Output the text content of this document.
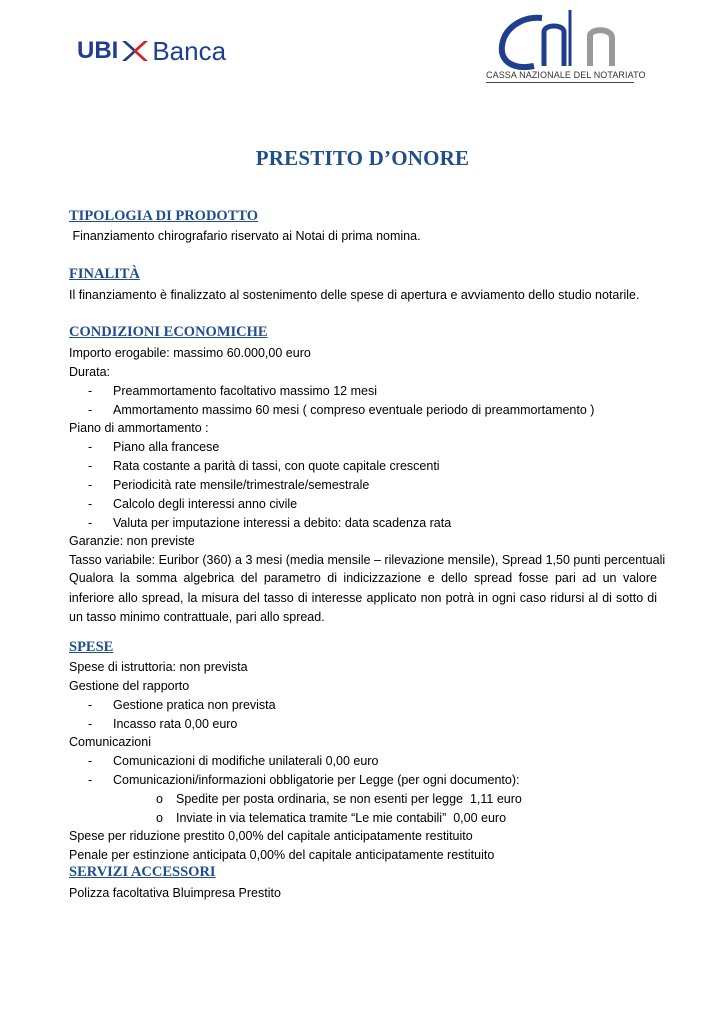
UBI Banca
CASSA NAZIONALE DEL NOTARIATO
PRESTITO D’ONORE
TIPOLOGIA DI PRODOTTO
Finanziamento chirografario riservato ai Notai di prima nomina.
FINALITÀ
Il finanziamento è finalizzato al sostenimento delle spese di apertura e avviamento dello studio notarile.
CONDIZIONI ECONOMICHE
Importo erogabile: massimo 60.000,00 euro
Durata:
- Preammortamento facoltativo massimo 12 mesi
- Ammortamento massimo 60 mesi ( compreso eventuale periodo di preammortamento )
Piano di ammortamento :
- Piano alla francese
- Rata costante a parità di tassi, con quote capitale crescenti
- Periodicità rate mensile/trimestrale/semestrale
- Calcolo degli interessi anno civile
- Valuta per imputazione interessi a debito: data scadenza rata
Garanzie: non previste
Tasso variabile: Euribor (360) a 3 mesi (media mensile – rilevazione mensile), Spread 1,50 punti percentuali
Qualora la somma algebrica del parametro di indicizzazione e dello spread fosse pari ad un valore inferiore allo spread, la misura del tasso di interesse applicato non potrà in ogni caso ridursi al di sotto di un tasso minimo contrattuale, pari allo spread.
SPESE
Spese di istruttoria: non prevista
Gestione del rapporto
- Gestione pratica non prevista
- Incasso rata 0,00 euro
Comunicazioni
- Comunicazioni di modifiche unilaterali 0,00 euro
- Comunicazioni/informazioni obbligatorie per Legge (per ogni documento):
o Spedite per posta ordinaria, se non esenti per legge  1,11 euro
o Inviate in via telematica tramite “Le mie contabili”  0,00 euro
Spese per riduzione prestito 0,00% del capitale anticipatamente restituito
Penale per estinzione anticipata 0,00% del capitale anticipatamente restituito
SERVIZI ACCESSORI
Polizza facoltativa Bluimpresa Prestito
